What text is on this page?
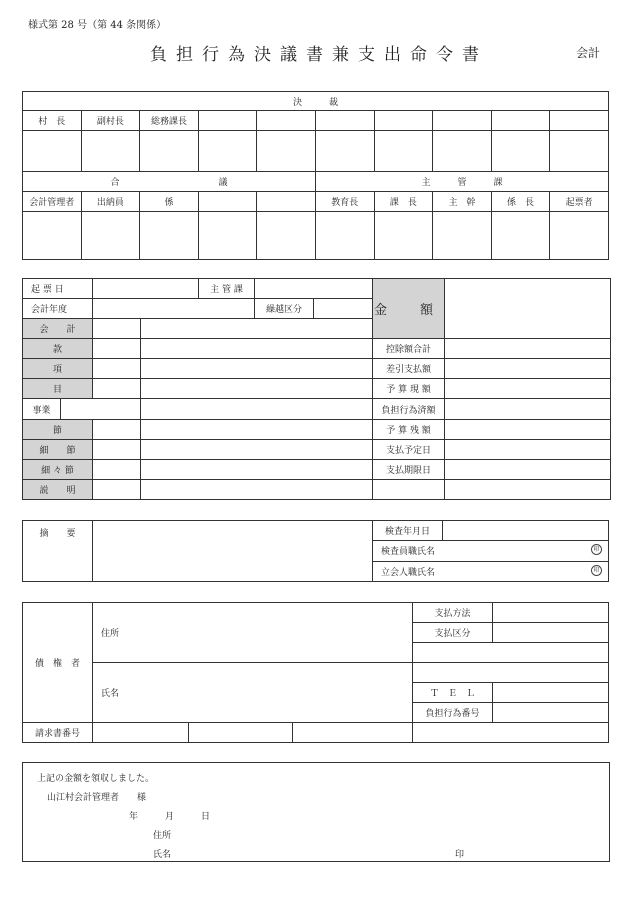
様式第 28 号（第 44 条関係）
負担行為決議書兼支出命令書	会計
決　　　裁									
村　長	副村長	総務課長							

合　　　　　　　　　　　議					主　　　管　　　課				
会計管理者	出納員	係			教育長	課　長	主　幹	係　長	起票者

起 票 日				主 管 課			金　額	
会計年度					繰越区分			
会　　計								
款							控除額合計	
項							差引支払額	
目							予 算 現 額	
事業							負担行為済額	
節							予 算 残 額	
細　　節							支払予定日	
細 々 節							支払期限日	
説　　明								
摘　　要		検査年月日	
検査員職氏名	印

立会人職氏名	印
債　権　者	住所			支払方法	
				支払区分	

	氏名				
				Ｔ　Ｅ　Ｌ	
				負担行為番号	
請求書番号					
上記の金額を領収しました。
山江村会計管理者　　様
年　　　月　　　日
住所
氏名	印
